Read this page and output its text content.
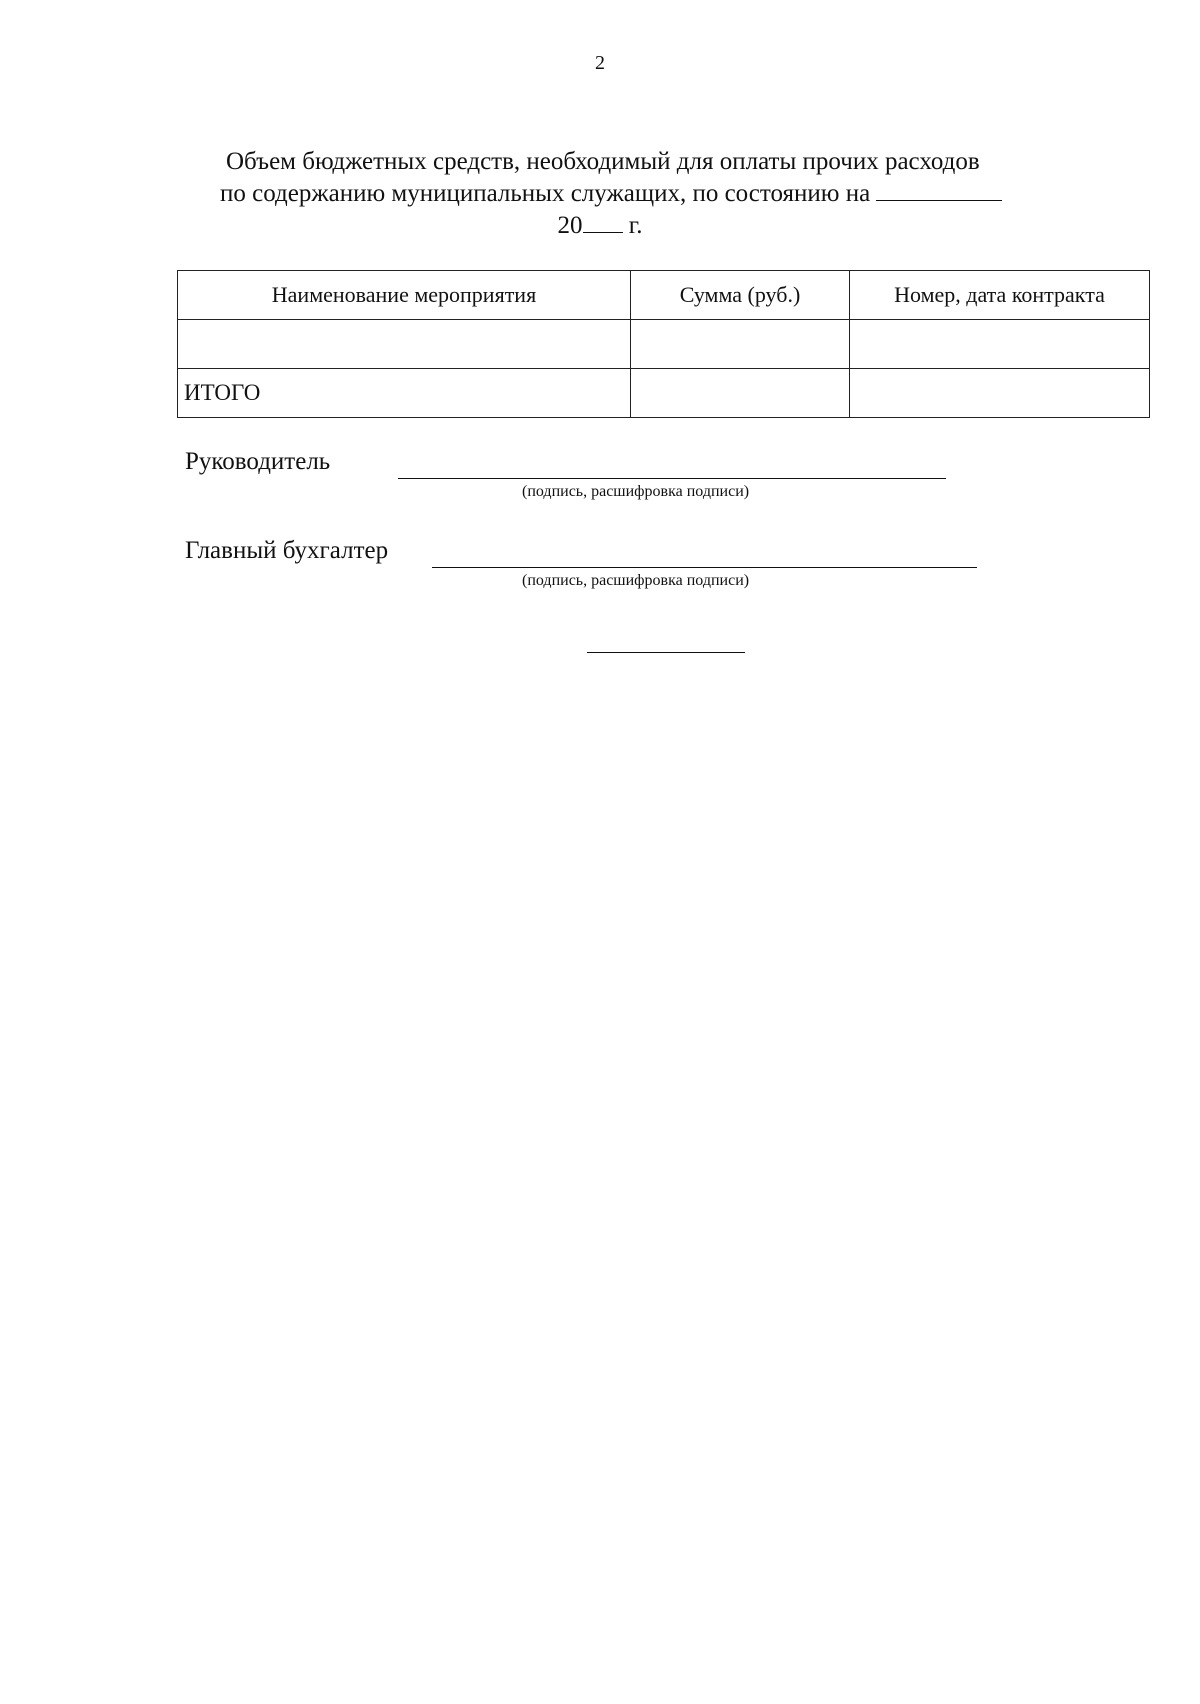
2
Объем бюджетных средств, необходимый для оплаты прочих расходов
по содержанию муниципальных служащих, по состоянию на
20 г.
Наименование мероприятия	Сумма (руб.)	Номер, дата контракта

ИТОГО		
Руководитель
(подпись, расшифровка подписи)
Главный бухгалтер
(подпись, расшифровка подписи)
